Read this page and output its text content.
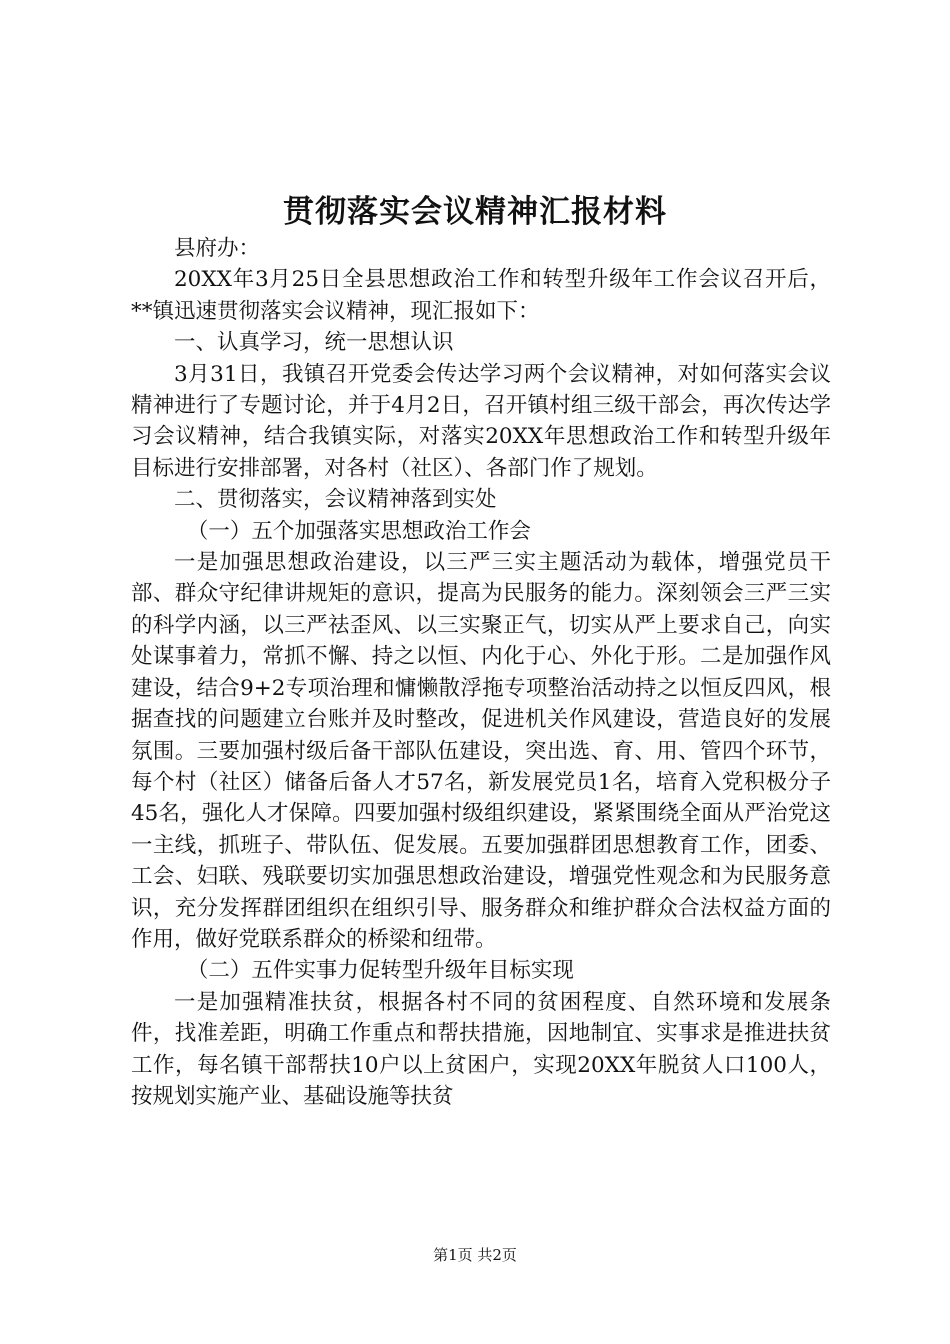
贯彻落实会议精神汇报材料

县府办：

20XX年3月25日全县思想政治工作和转型升级年工作会议召开后，**镇迅速贯彻落实会议精神，现汇报如下：

一、认真学习，统一思想认识

3月31日，我镇召开党委会传达学习两个会议精神，对如何落实会议精神进行了专题讨论，并于4月2日，召开镇村组三级干部会，再次传达学习会议精神，结合我镇实际，对落实20XX年思想政治工作和转型升级年目标进行安排部署，对各村（社区）、各部门作了规划。

二、贯彻落实，会议精神落到实处

（一）五个加强落实思想政治工作会

一是加强思想政治建设，以三严三实主题活动为载体，增强党员干部、群众守纪律讲规矩的意识，提高为民服务的能力。深刻领会三严三实的科学内涵，以三严祛歪风、以三实聚正气，切实从严上要求自己，向实处谋事着力，常抓不懈、持之以恒、内化于心、外化于形。二是加强作风建设，结合9+2专项治理和慵懒散浮拖专项整治活动持之以恒反四风，根据查找的问题建立台账并及时整改，促进机关作风建设，营造良好的发展氛围。三要加强村级后备干部队伍建设，突出选、育、用、管四个环节，每个村（社区）储备后备人才57名，新发展党员1名，培育入党积极分子45名，强化人才保障。四要加强村级组织建设，紧紧围绕全面从严治党这一主线，抓班子、带队伍、促发展。五要加强群团思想教育工作，团委、工会、妇联、残联要切实加强思想政治建设，增强党性观念和为民服务意识，充分发挥群团组织在组织引导、服务群众和维护群众合法权益方面的作用，做好党联系群众的桥梁和纽带。

（二）五件实事力促转型升级年目标实现

一是加强精准扶贫，根据各村不同的贫困程度、自然环境和发展条件，找准差距，明确工作重点和帮扶措施，因地制宜、实事求是推进扶贫工作，每名镇干部帮扶10户以上贫困户，实现20XX年脱贫人口100人，按规划实施产业、基础设施等扶贫

第1页 共2页
